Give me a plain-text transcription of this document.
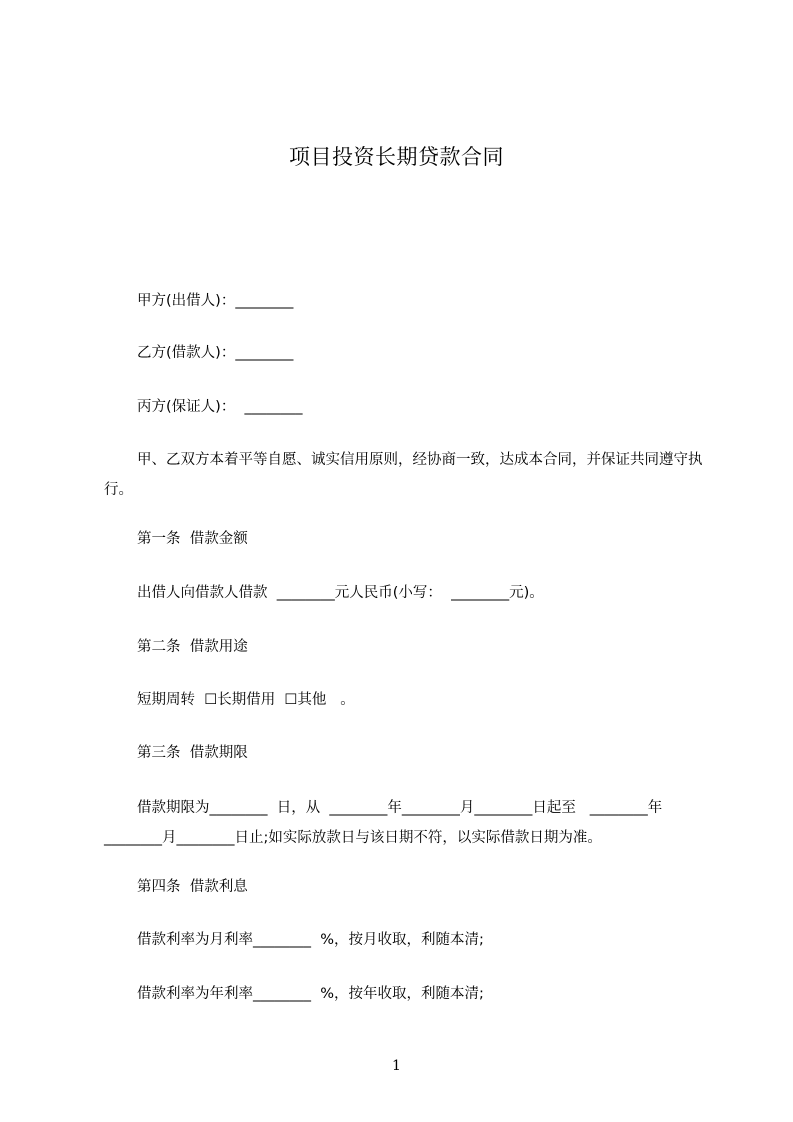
项目投资长期贷款合同
甲方(出借人)：________
乙方(借款人)：________
丙方(保证人)：  ________
甲、乙双方本着平等自愿、诚实信用原则，经协商一致，达成本合同，并保证共同遵守执行。
第一条  借款金额
出借人向借款人借款  ________元人民币(小写：  ________元)。
第二条  借款用途
短期周转  ☐长期借用  ☐其他   。
第三条  借款期限
借款期限为________  日，从  ________年________月________日起至   ________年________月________日止;如实际放款日与该日期不符，以实际借款日期为准。
第四条  借款利息
借款利率为月利率________  %，按月收取，利随本清;
借款利率为年利率________  %，按年收取，利随本清;
1
